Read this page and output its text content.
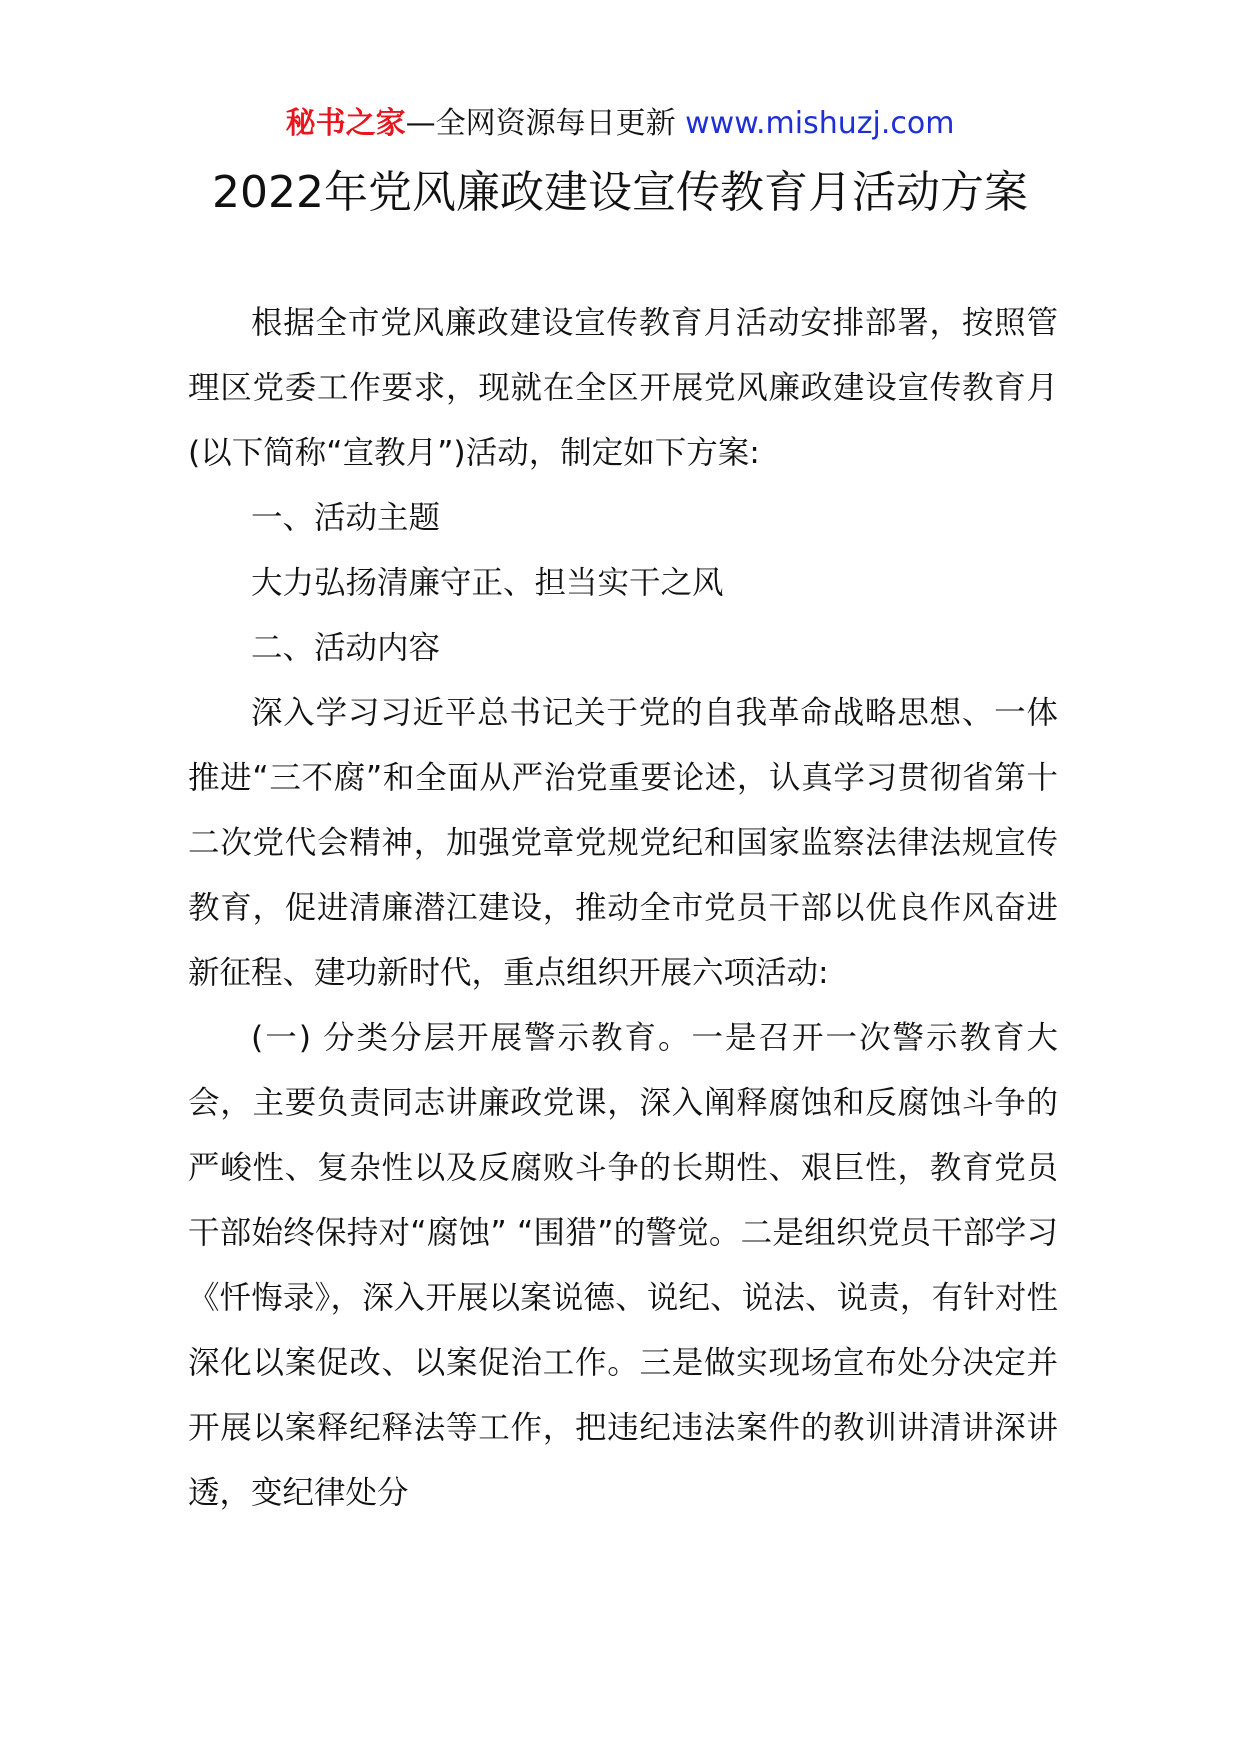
秘书之家—全网资源每日更新 www.mishuzj.com
2022年党风廉政建设宣传教育月活动方案

根据全市党风廉政建设宣传教育月活动安排部署，按照管理区党委工作要求，现就在全区开展党风廉政建设宣传教育月(以下简称“宣教月”)活动，制定如下方案:

一、活动主题

大力弘扬清廉守正、担当实干之风

二、活动内容

深入学习习近平总书记关于党的自我革命战略思想、一体推进“三不腐”和全面从严治党重要论述，认真学习贯彻省第十二次党代会精神，加强党章党规党纪和国家监察法律法规宣传教育，促进清廉潜江建设，推动全市党员干部以优良作风奋进新征程、建功新时代，重点组织开展六项活动:

(一) 分类分层开展警示教育。一是召开一次警示教育大会，主要负责同志讲廉政党课，深入阐释腐蚀和反腐蚀斗争的严峻性、复杂性以及反腐败斗争的长期性、艰巨性，教育党员干部始终保持对“腐蚀” “围猎”的警觉。二是组织党员干部学习《忏悔录》，深入开展以案说德、说纪、说法、说责，有针对性深化以案促改、以案促治工作。三是做实现场宣布处分决定并开展以案释纪释法等工作，把违纪违法案件的教训讲清讲深讲透，变纪律处分
